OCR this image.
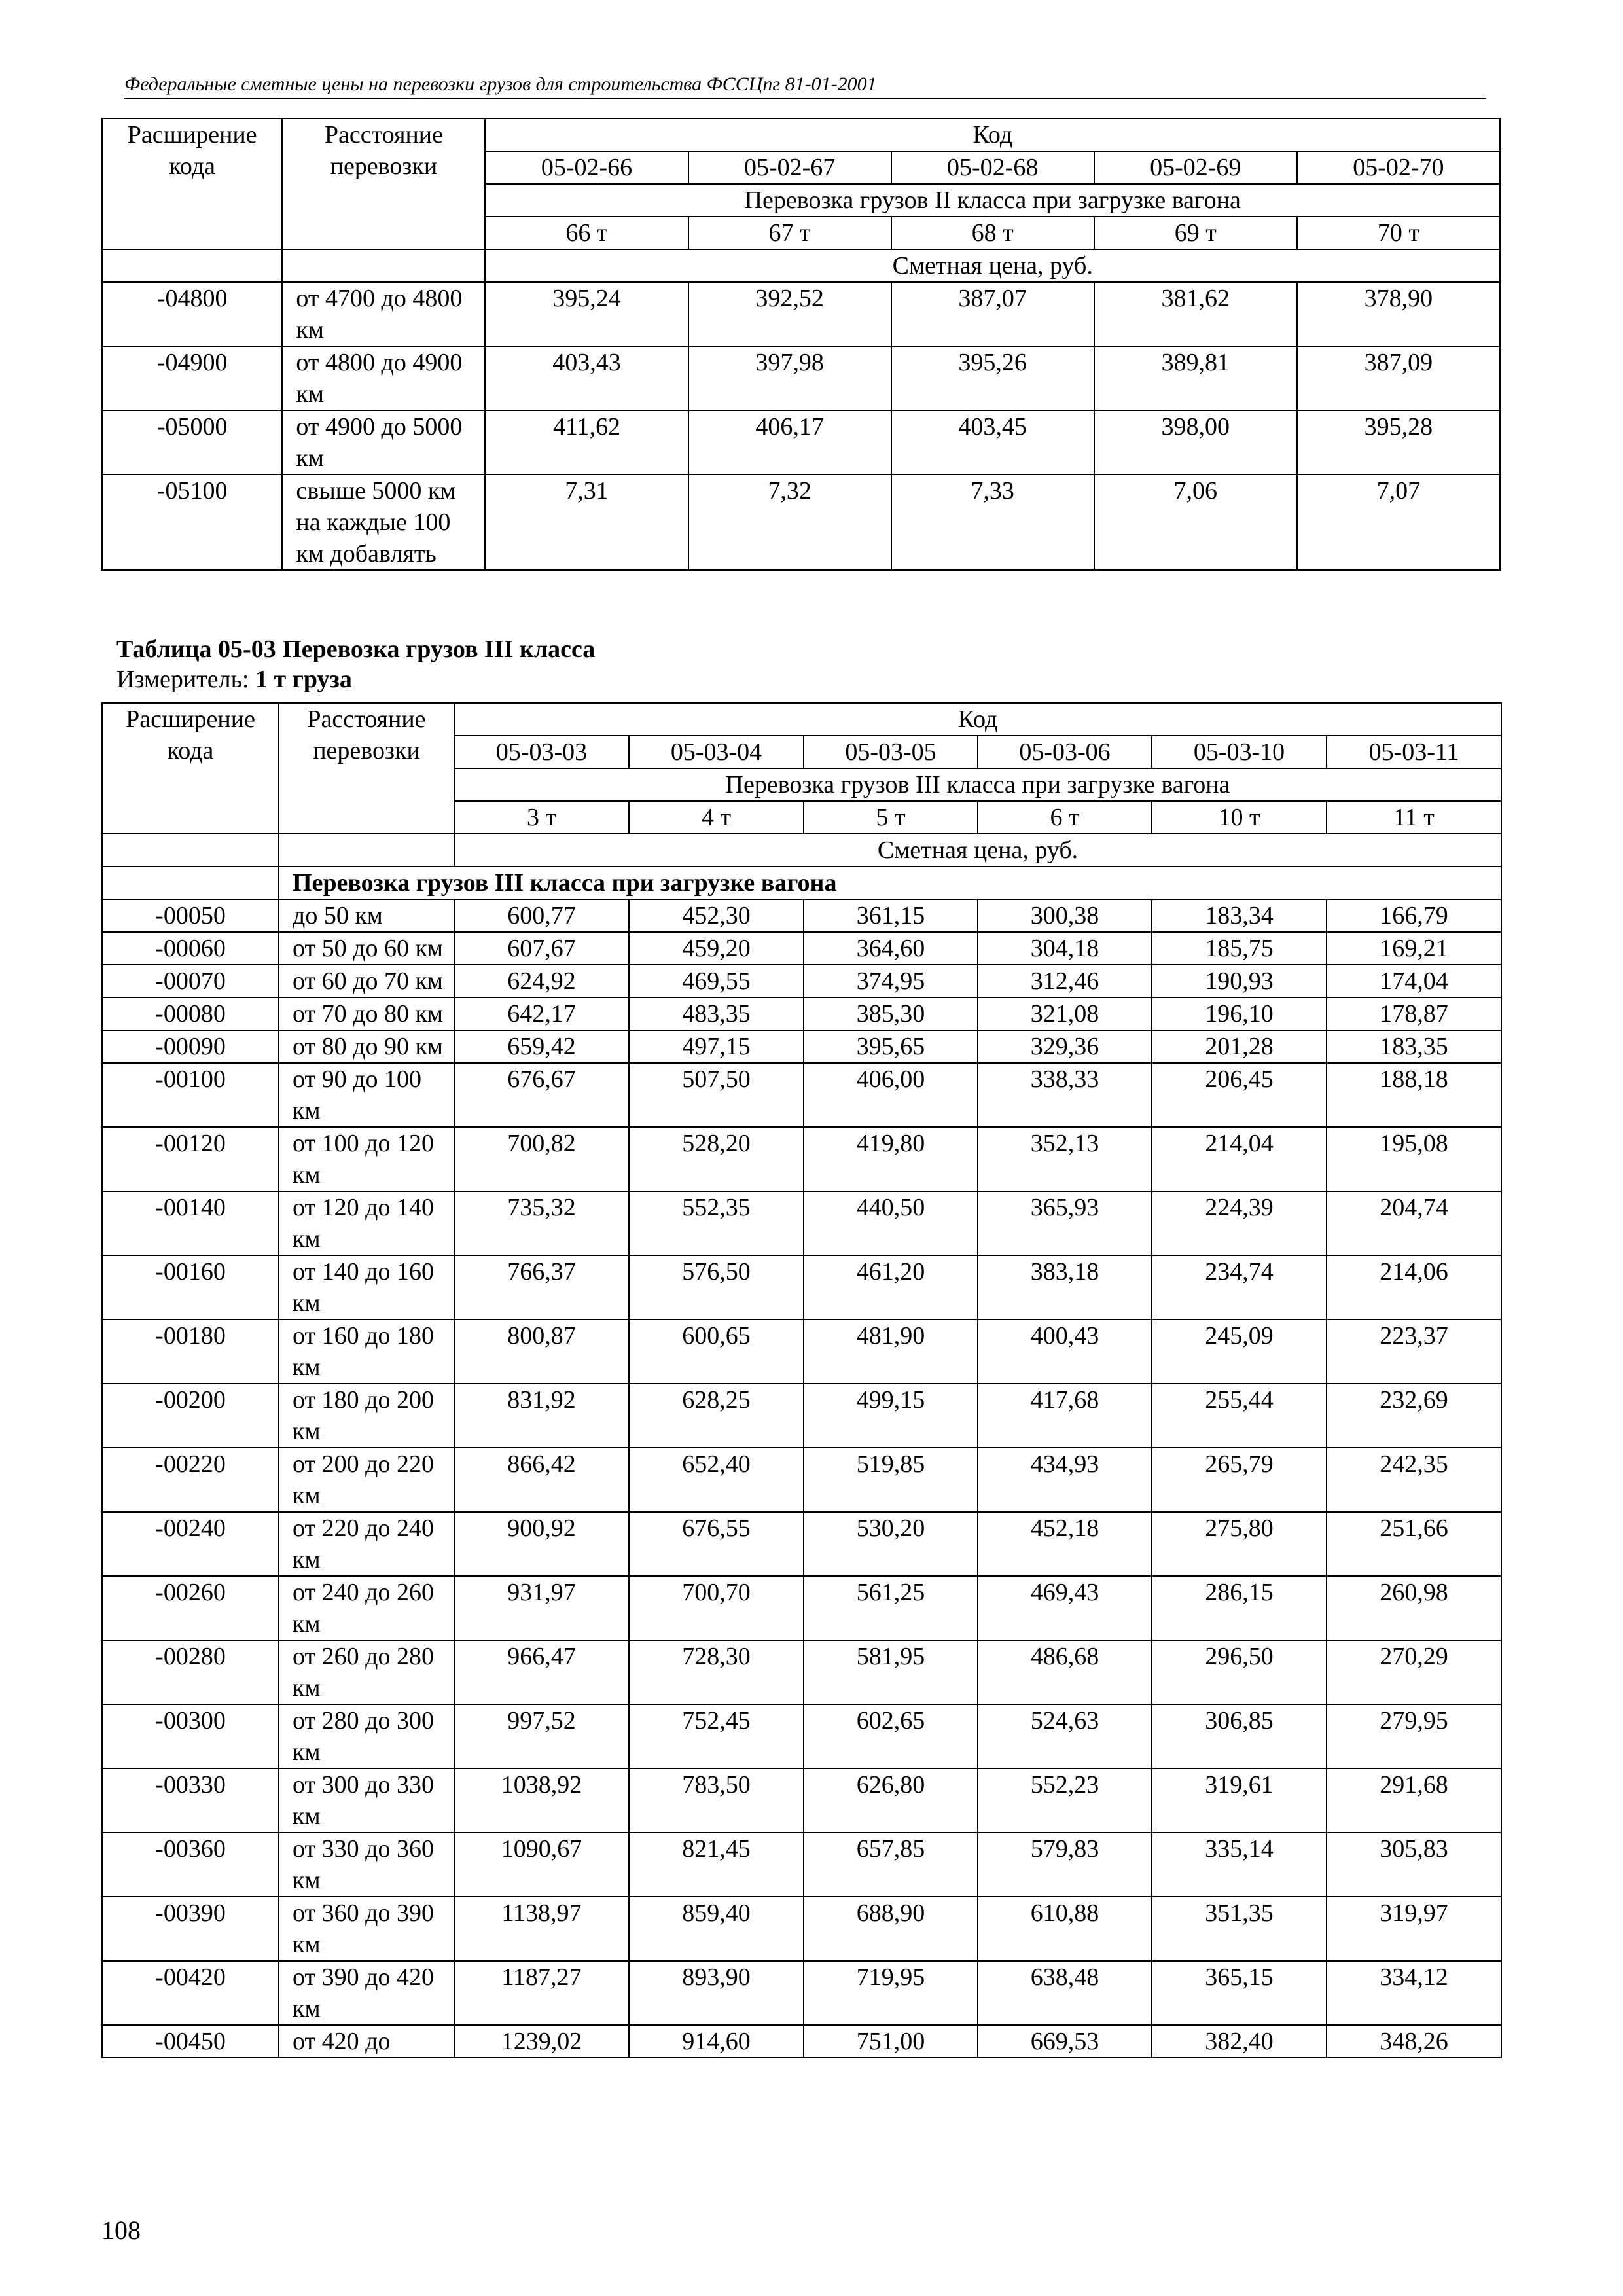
Федеральные сметные цены на перевозки грузов для строительства ФССЦпг 81-01-2001
Расширение кода	Расстояние перевозки	Код				
		05-02-66	05-02-67	05-02-68	05-02-69	05-02-70
		Перевозка грузов II класса при загрузке вагона				
		66 т	67 т	68 т	69 т	70 т
		Сметная цена, руб.				
-04800	от 4700 до 4800 км	395,24	392,52	387,07	381,62	378,90
-04900	от 4800 до 4900 км	403,43	397,98	395,26	389,81	387,09
-05000	от 4900 до 5000 км	411,62	406,17	403,45	398,00	395,28
-05100	свыше 5000 км на каждые 100 км добавлять	7,31	7,32	7,33	7,06	7,07
Таблица 05-03 Перевозка грузов III класса
Измеритель: 1 т груза
Расширение кода	Расстояние перевозки	Код					
		05-03-03	05-03-04	05-03-05	05-03-06	05-03-10	05-03-11
		Перевозка грузов III класса при загрузке вагона					
		3 т	4 т	5 т	6 т	10 т	11 т
		Сметная цена, руб.					
	Перевозка грузов III класса при загрузке вагона						
-00050	до 50 км	600,77	452,30	361,15	300,38	183,34	166,79
-00060	от 50 до 60 км	607,67	459,20	364,60	304,18	185,75	169,21
-00070	от 60 до 70 км	624,92	469,55	374,95	312,46	190,93	174,04
-00080	от 70 до 80 км	642,17	483,35	385,30	321,08	196,10	178,87
-00090	от 80 до 90 км	659,42	497,15	395,65	329,36	201,28	183,35
-00100	от 90 до 100 км	676,67	507,50	406,00	338,33	206,45	188,18
-00120	от 100 до 120 км	700,82	528,20	419,80	352,13	214,04	195,08
-00140	от 120 до 140 км	735,32	552,35	440,50	365,93	224,39	204,74
-00160	от 140 до 160 км	766,37	576,50	461,20	383,18	234,74	214,06
-00180	от 160 до 180 км	800,87	600,65	481,90	400,43	245,09	223,37
-00200	от 180 до 200 км	831,92	628,25	499,15	417,68	255,44	232,69
-00220	от 200 до 220 км	866,42	652,40	519,85	434,93	265,79	242,35
-00240	от 220 до 240 км	900,92	676,55	530,20	452,18	275,80	251,66
-00260	от 240 до 260 км	931,97	700,70	561,25	469,43	286,15	260,98
-00280	от 260 до 280 км	966,47	728,30	581,95	486,68	296,50	270,29
-00300	от 280 до 300 км	997,52	752,45	602,65	524,63	306,85	279,95
-00330	от 300 до 330 км	1038,92	783,50	626,80	552,23	319,61	291,68
-00360	от 330 до 360 км	1090,67	821,45	657,85	579,83	335,14	305,83
-00390	от 360 до 390 км	1138,97	859,40	688,90	610,88	351,35	319,97
-00420	от 390 до 420 км	1187,27	893,90	719,95	638,48	365,15	334,12
-00450	от 420 до	1239,02	914,60	751,00	669,53	382,40	348,26
108
